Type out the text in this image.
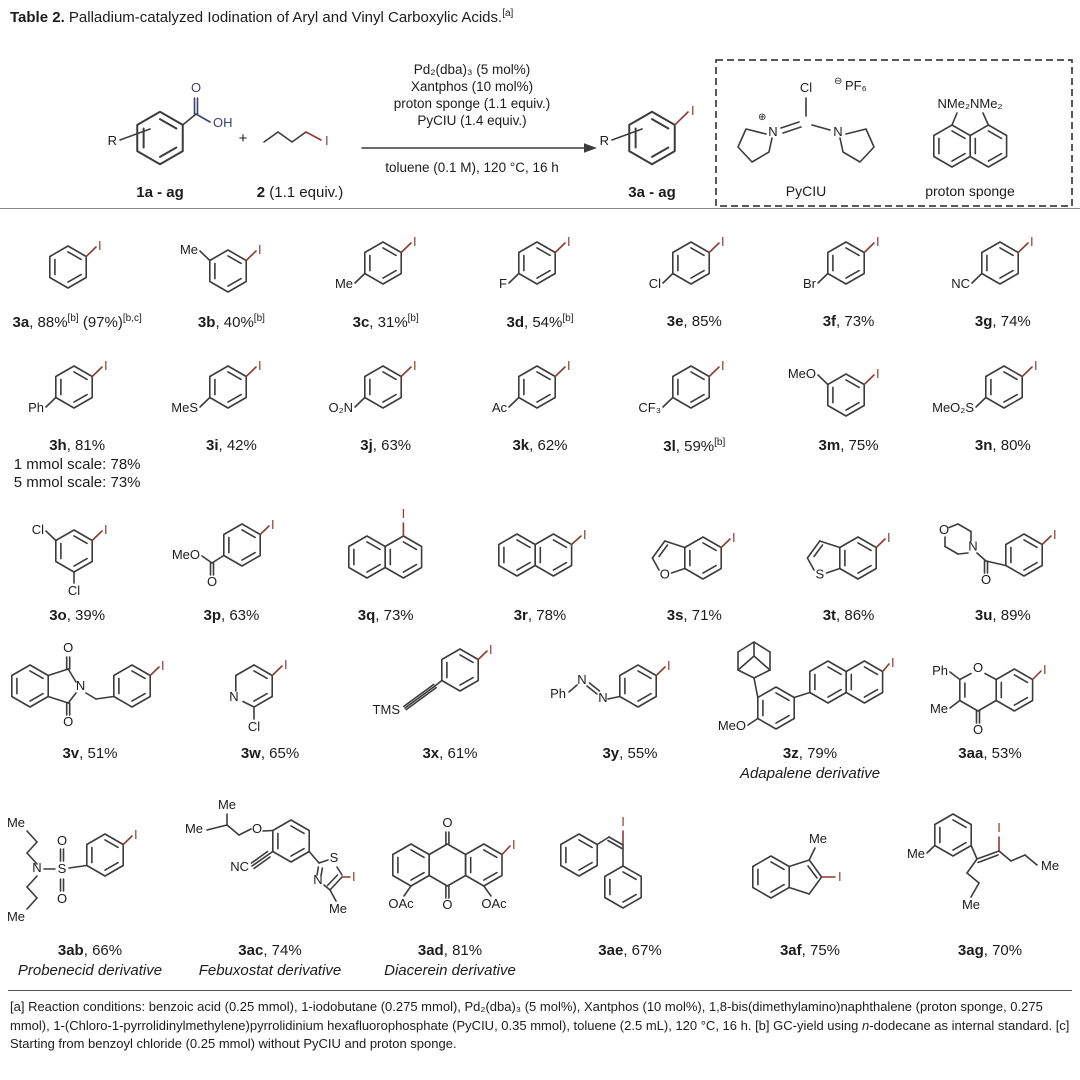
Table 2. Palladium-catalyzed Iodination of Aryl and Vinyl Carboxylic Acids.[a]
R
O
OH
1a - ag
+	I
2 (1.1 equiv.)
Pd₂(dba)₃ (5 mol%)
Xantphos (10 mol%)
proton sponge (1.1 equiv.)
PyCIU (1.4 equiv.)
toluene (0.1 M), 120 °C, 16 h
R
I
3a - ag
Cl ⊖ PF₆
⊕
N	N
PyCIU
NMe₂NMe₂
proton sponge
I
3a, 88%[b] (97%)[b,c]
Me	I
3b, 40%[b]
Me
I
3c, 31%[b]
F
I
3d, 54%[b]
Cl
I
3e, 85%
Br
I
3f, 73%
NC
I
3g, 74%
Ph
I
3h, 81%
1 mmol scale: 78%
5 mmol scale: 73%
MeS
I
3i, 42%
O₂N
I
3j, 63%
Ac
I
3k, 62%
CF₃
I
3l, 59%[b]
MeO	I
3m, 75%
MeO₂S
I
3n, 80%
Cl
Cl
I
3o, 39%
MeO
O
I
3p, 63%
I
3q, 73%
I
3r, 78%
O
I
3s, 71%
S
I
3t, 86%
N
O
O
I
3u, 89%
N
O
O
I
3v, 51%
N
Cl
I
3w, 65%
TMS
I
3x, 61%
Ph
N
N
I
3y, 55%
MeO
I
3z, 79%
Adapalene derivative
O
Ph
Me
O
I
3aa, 53%
N
Me
Me
S
O
O
I
3ab, 66%
Probenecid derivative
Me
Me	O
NC
S
N
Me
I
3ac, 74%
Febuxostat derivative
O
O
OAc	OAc
I
3ad, 81%
Diacerein derivative
I
3ae, 67%
Me
I
3af, 75%
Me
I
Me
Me
3ag, 70%
[a] Reaction conditions: benzoic acid (0.25 mmol), 1-iodobutane (0.275 mmol), Pd₂(dba)₃ (5 mol%), Xantphos (10 mol%), 1,8-bis(dimethylamino)naphthalene (proton sponge, 0.275 mmol), 1-(Chloro-1-pyrrolidinylmethylene)pyrrolidinium hexafluorophosphate (PyCIU, 0.35 mmol), toluene (2.5 mL), 120 °C, 16 h. [b] GC-yield using n-dodecane as internal standard. [c] Starting from benzoyl chloride (0.25 mmol) without PyCIU and proton sponge.
